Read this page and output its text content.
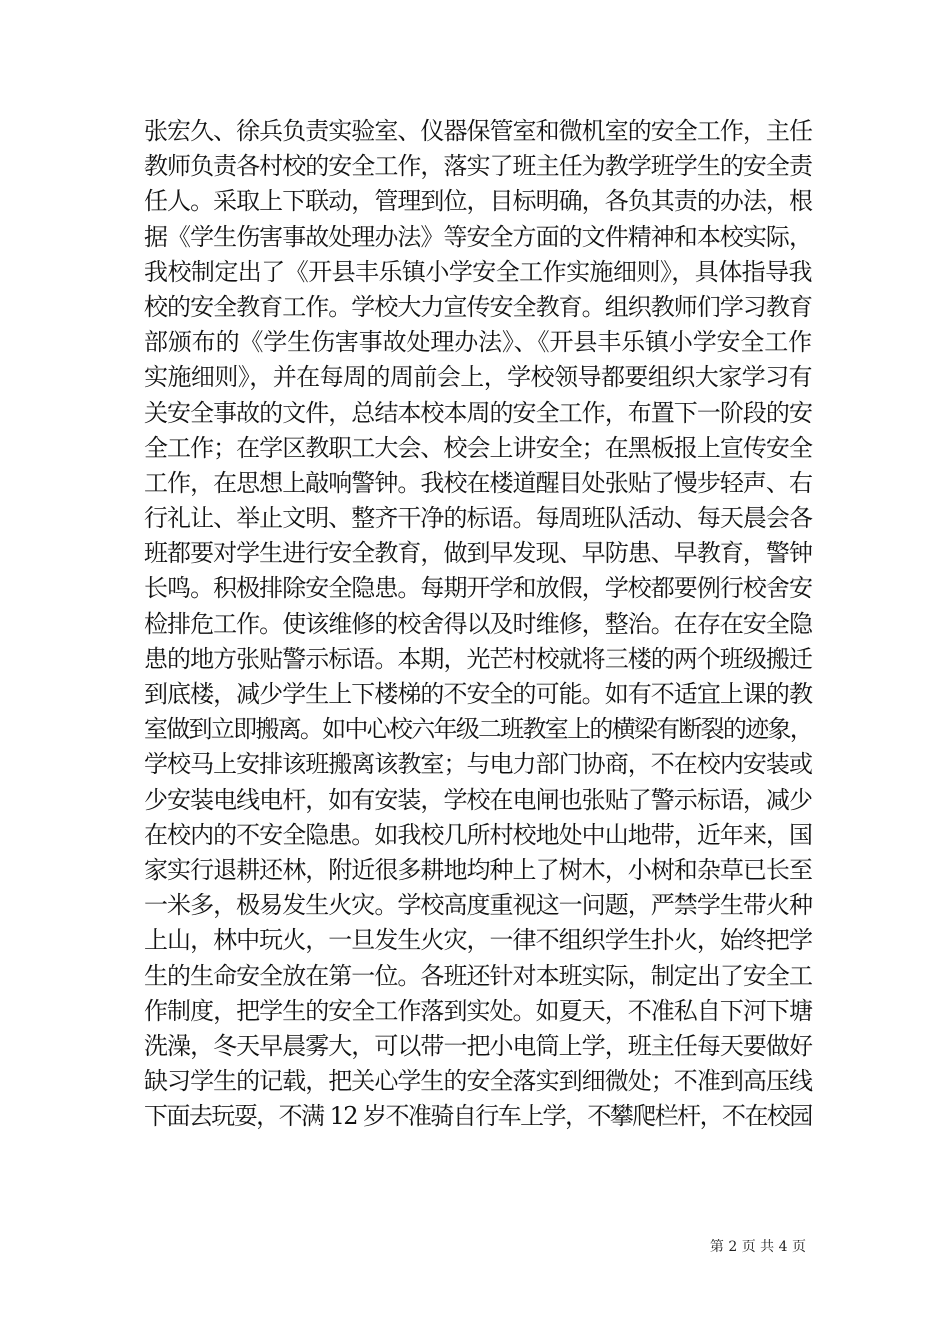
张宏久、徐兵负责实验室、仪器保管室和微机室的安全工作，主任
教师负责各村校的安全工作，落实了班主任为教学班学生的安全责
任人。采取上下联动，管理到位，目标明确，各负其责的办法，根
据《学生伤害事故处理办法》等安全方面的文件精神和本校实际，
我校制定出了《开县丰乐镇小学安全工作实施细则》，具体指导我
校的安全教育工作。学校大力宣传安全教育。组织教师们学习教育
部颁布的《学生伤害事故处理办法》、《开县丰乐镇小学安全工作
实施细则》，并在每周的周前会上，学校领导都要组织大家学习有
关安全事故的文件，总结本校本周的安全工作，布置下一阶段的安
全工作；在学区教职工大会、校会上讲安全；在黑板报上宣传安全
工作，在思想上敲响警钟。我校在楼道醒目处张贴了慢步轻声、右
行礼让、举止文明、整齐干净的标语。每周班队活动、每天晨会各
班都要对学生进行安全教育，做到早发现、早防患、早教育，警钟
长鸣。积极排除安全隐患。每期开学和放假，学校都要例行校舍安
检排危工作。使该维修的校舍得以及时维修，整治。在存在安全隐
患的地方张贴警示标语。本期，光芒村校就将三楼的两个班级搬迁
到底楼，减少学生上下楼梯的不安全的可能。如有不适宜上课的教
室做到立即搬离。如中心校六年级二班教室上的横梁有断裂的迹象，
学校马上安排该班搬离该教室；与电力部门协商，不在校内安装或
少安装电线电杆，如有安装，学校在电闸也张贴了警示标语，减少
在校内的不安全隐患。如我校几所村校地处中山地带，近年来，国
家实行退耕还林，附近很多耕地均种上了树木，小树和杂草已长至
一米多，极易发生火灾。学校高度重视这一问题，严禁学生带火种
上山，林中玩火，一旦发生火灾，一律不组织学生扑火，始终把学
生的生命安全放在第一位。各班还针对本班实际，制定出了安全工
作制度，把学生的安全工作落到实处。如夏天，不准私自下河下塘
洗澡，冬天早晨雾大，可以带一把小电筒上学，班主任每天要做好
缺习学生的记载，把关心学生的安全落实到细微处；不准到高压线
下面去玩耍，不满 12 岁不准骑自行车上学，不攀爬栏杆，不在校园
第 2 页 共 4 页
